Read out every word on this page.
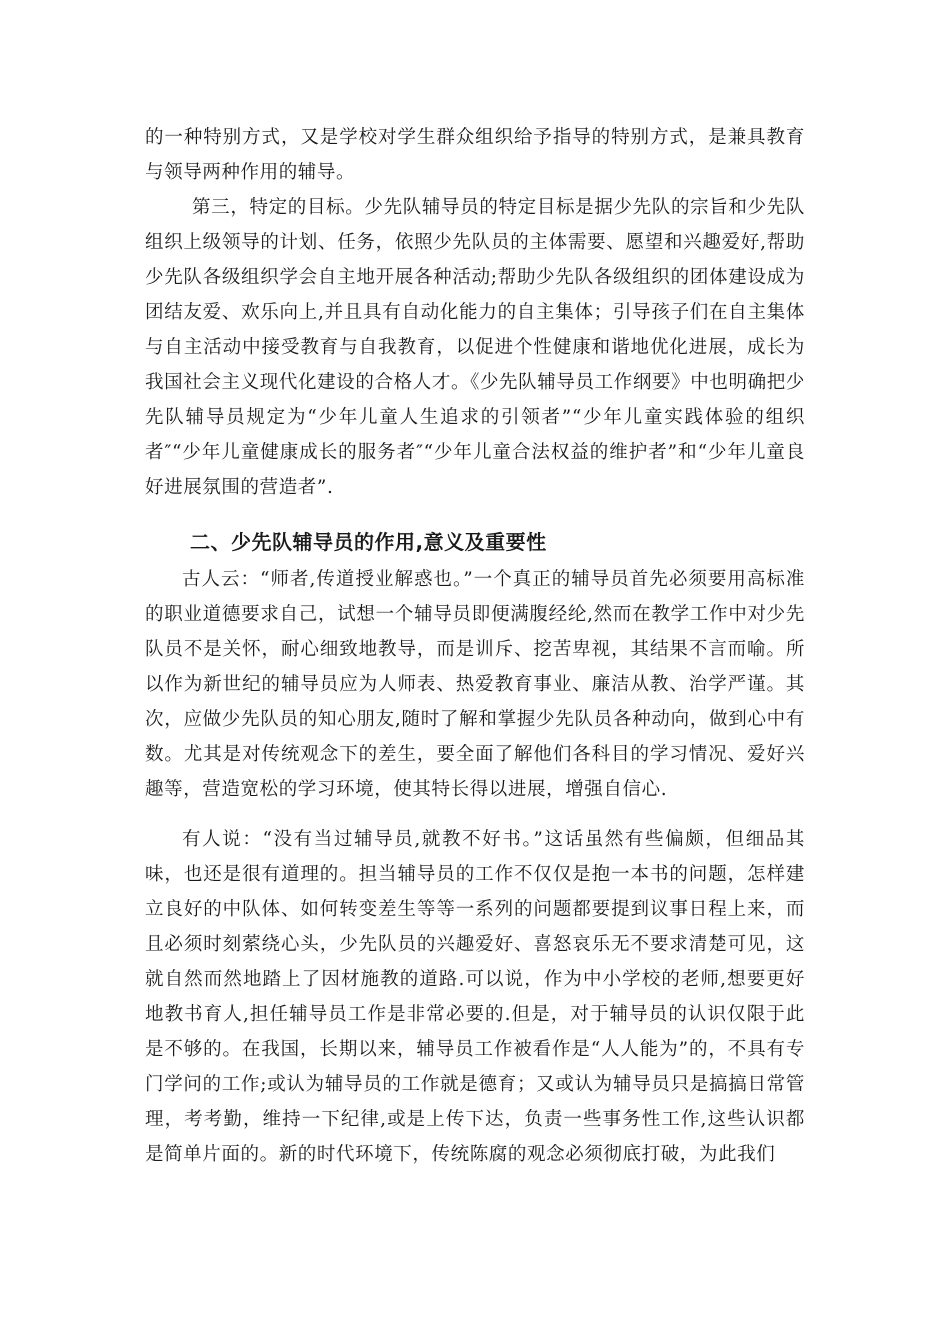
的一种特别方式，又是学校对学生群众组织给予指导的特别方式，是兼具教育与领导两种作用的辅导。

第三，特定的目标。少先队辅导员的特定目标是据少先队的宗旨和少先队组织上级领导的计划、任务，依照少先队员的主体需要、愿望和兴趣爱好,帮助少先队各级组织学会自主地开展各种活动;帮助少先队各级组织的团体建设成为团结友爱、欢乐向上,并且具有自动化能力的自主集体；引导孩子们在自主集体与自主活动中接受教育与自我教育，以促进个性健康和谐地优化进展，成长为我国社会主义现代化建设的合格人才。《少先队辅导员工作纲要》中也明确把少先队辅导员规定为“少年儿童人生追求的引领者”“少年儿童实践体验的组织者″“少年儿童健康成长的服务者″“少年儿童合法权益的维护者”和“少年儿童良好进展氛围的营造者”.

二、少先队辅导员的作用,意义及重要性

古人云：“师者,传道授业解惑也。”一个真正的辅导员首先必须要用高标准的职业道德要求自己，试想一个辅导员即便满腹经纶,然而在教学工作中对少先队员不是关怀，耐心细致地教导，而是训斥、挖苦卑视，其结果不言而喻。所以作为新世纪的辅导员应为人师表、热爱教育事业、廉洁从教、治学严谨。其次，应做少先队员的知心朋友,随时了解和掌握少先队员各种动向，做到心中有数。尤其是对传统观念下的差生，要全面了解他们各科目的学习情况、爱好兴趣等，营造宽松的学习环境，使其特长得以进展，增强自信心.

有人说：“没有当过辅导员,就教不好书。”这话虽然有些偏颇，但细品其味，也还是很有道理的。担当辅导员的工作不仅仅是抱一本书的问题，怎样建立良好的中队体、如何转变差生等等一系列的问题都要提到议事日程上来，而且必须时刻萦绕心头，少先队员的兴趣爱好、喜怒哀乐无不要求清楚可见，这就自然而然地踏上了因材施教的道路.可以说，作为中小学校的老师,想要更好地教书育人,担任辅导员工作是非常必要的.但是，对于辅导员的认识仅限于此是不够的。在我国，长期以来，辅导员工作被看作是“人人能为”的，不具有专门学问的工作;或认为辅导员的工作就是德育；又或认为辅导员只是搞搞日常管理，考考勤，维持一下纪律,或是上传下达，负责一些事务性工作,这些认识都是简单片面的。新的时代环境下，传统陈腐的观念必须彻底打破，为此我们
